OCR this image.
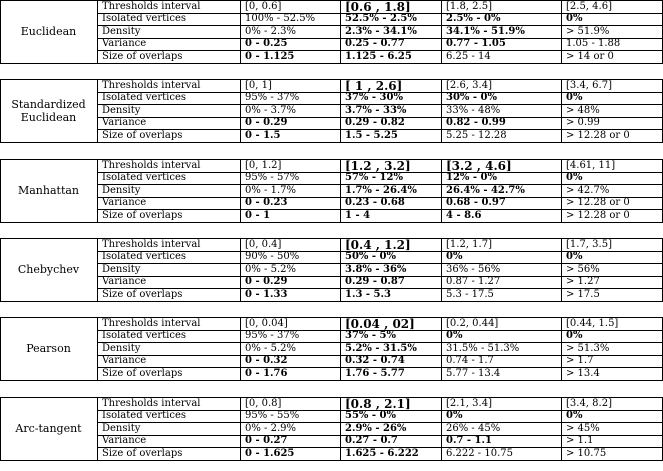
Euclidean
Thresholds interval	[0, 0.6]	[0.6 , 1.8]	[1.8, 2.5]	[2.5, 4.6]
Isolated vertices	100% - 52.5%	52.5% - 2.5%	2.5% - 0%	0%
Density	0% - 2.3%	2.3% - 34.1%	34.1% - 51.9%	> 51.9%
Variance	0 - 0.25	0.25 - 0.77	0.77 - 1.05	1.05 - 1.88
Size of overlaps	0 - 1.125	1.125 - 6.25	6.25 - 14	> 14 or 0
Standardized
Euclidean
Thresholds interval	[0, 1]	[ 1 , 2.6]	[2.6, 3.4]	[3.4, 6.7]
Isolated vertices	95% - 37%	37% - 30%	30% - 0%	0%
Density	0% - 3.7%	3.7% - 33%	33% - 48%	> 48%
Variance	0 - 0.29	0.29 - 0.82	0.82 - 0.99	> 0.99
Size of overlaps	0 - 1.5	1.5 - 5.25	5.25 - 12.28	> 12.28 or 0
Manhattan
Thresholds interval	[0, 1.2]	[1.2 , 3.2]	[3.2 , 4.6]	[4.61, 11]
Isolated vertices	95% - 57%	57% - 12%	12% - 0%	0%
Density	0% - 1.7%	1.7% - 26.4%	26.4% - 42.7%	> 42.7%
Variance	0 - 0.23	0.23 - 0.68	0.68 - 0.97	> 12.28 or 0
Size of overlaps	0 - 1	1 - 4	4 - 8.6	> 12.28 or 0
Chebychev
Thresholds interval	[0, 0.4]	[0.4 , 1.2]	[1.2, 1.7]	[1.7, 3.5]
Isolated vertices	90% - 50%	50% - 0%	0%	0%
Density	0% - 5.2%	3.8% - 36%	36% - 56%	> 56%
Variance	0 - 0.29	0.29 - 0.87	0.87 - 1.27	> 1.27
Size of overlaps	0 - 1.33	1.3 - 5.3	5.3 - 17.5	> 17.5
Pearson
Thresholds interval	[0, 0.04]	[0.04 , 02]	[0.2, 0.44]	[0.44, 1.5]
Isolated vertices	95% - 37%	37% - 5%	0%	0%
Density	0% - 5.2%	5.2% - 31.5%	31.5% - 51.3%	> 51.3%
Variance	0 - 0.32	0.32 - 0.74	0.74 - 1.7	> 1.7
Size of overlaps	0 - 1.76	1.76 - 5.77	5.77 - 13.4	> 13.4
Arc-tangent
Thresholds interval	[0, 0.8]	[0.8 , 2.1]	[2.1, 3.4]	[3.4, 8.2]
Isolated vertices	95% - 55%	55% - 0%	0%	0%
Density	0% - 2.9%	2.9% - 26%	26% - 45%	> 45%
Variance	0 - 0.27	0.27 - 0.7	0.7 - 1.1	> 1.1
Size of overlaps	0 - 1.625	1.625 - 6.222	6.222 - 10.75	> 10.75
